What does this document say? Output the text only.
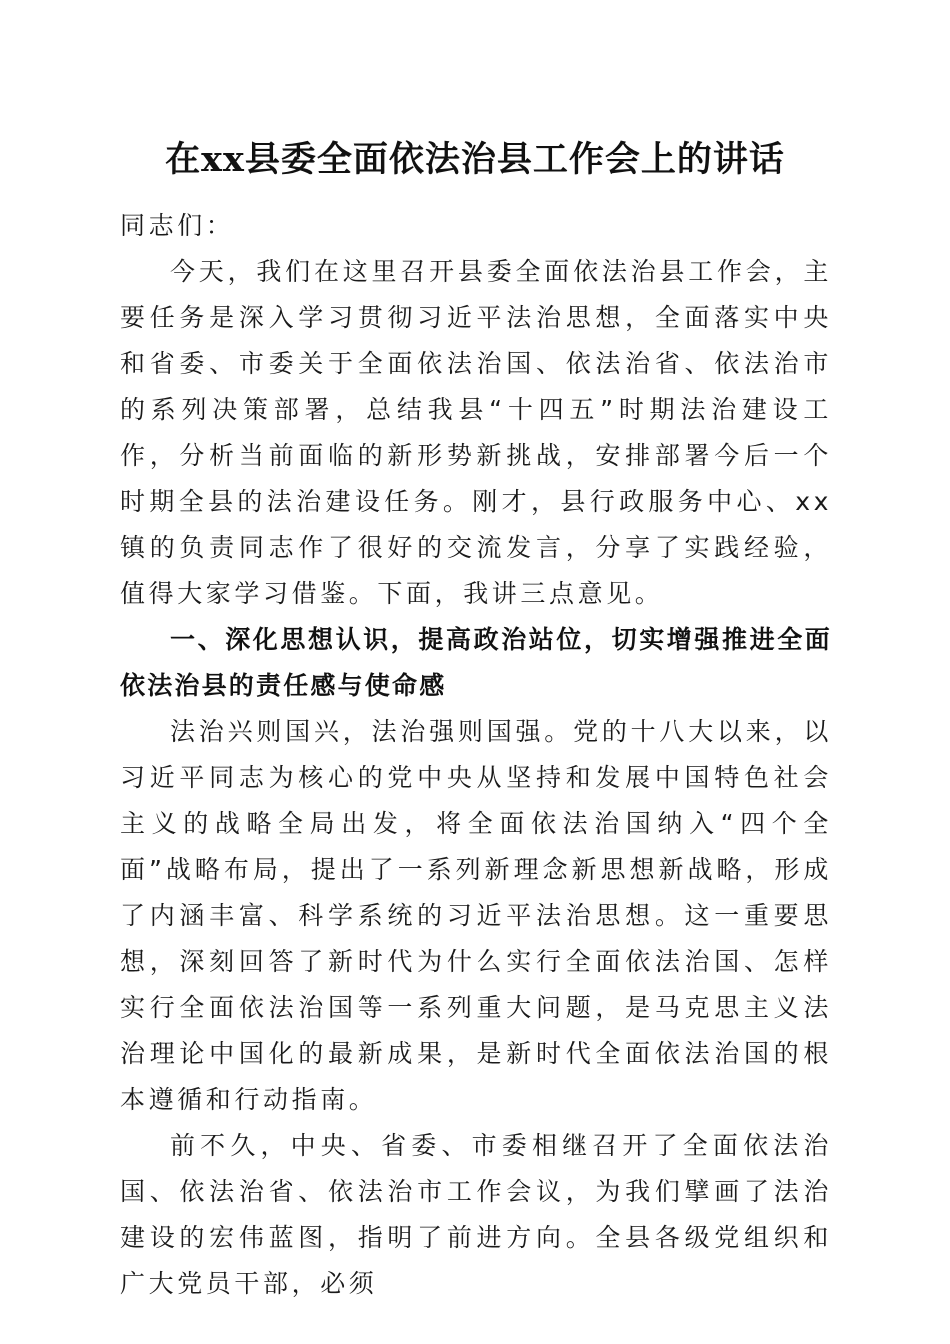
在xx县委全面依法治县工作会上的讲话

同志们：

今天，我们在这里召开县委全面依法治县工作会，主要任务是深入学习贯彻习近平法治思想，全面落实中央和省委、市委关于全面依法治国、依法治省、依法治市的系列决策部署，总结我县“十四五”时期法治建设工作，分析当前面临的新形势新挑战，安排部署今后一个时期全县的法治建设任务。刚才，县行政服务中心、xx镇的负责同志作了很好的交流发言，分享了实践经验，值得大家学习借鉴。下面，我讲三点意见。

一、深化思想认识，提高政治站位，切实增强推进全面依法治县的责任感与使命感

法治兴则国兴，法治强则国强。党的十八大以来，以习近平同志为核心的党中央从坚持和发展中国特色社会主义的战略全局出发，将全面依法治国纳入“四个全面”战略布局，提出了一系列新理念新思想新战略，形成了内涵丰富、科学系统的习近平法治思想。这一重要思想，深刻回答了新时代为什么实行全面依法治国、怎样实行全面依法治国等一系列重大问题，是马克思主义法治理论中国化的最新成果，是新时代全面依法治国的根本遵循和行动指南。

前不久，中央、省委、市委相继召开了全面依法治国、依法治省、依法治市工作会议，为我们擘画了法治建设的宏伟蓝图，指明了前进方向。全县各级党组织和广大党员干部，必须
